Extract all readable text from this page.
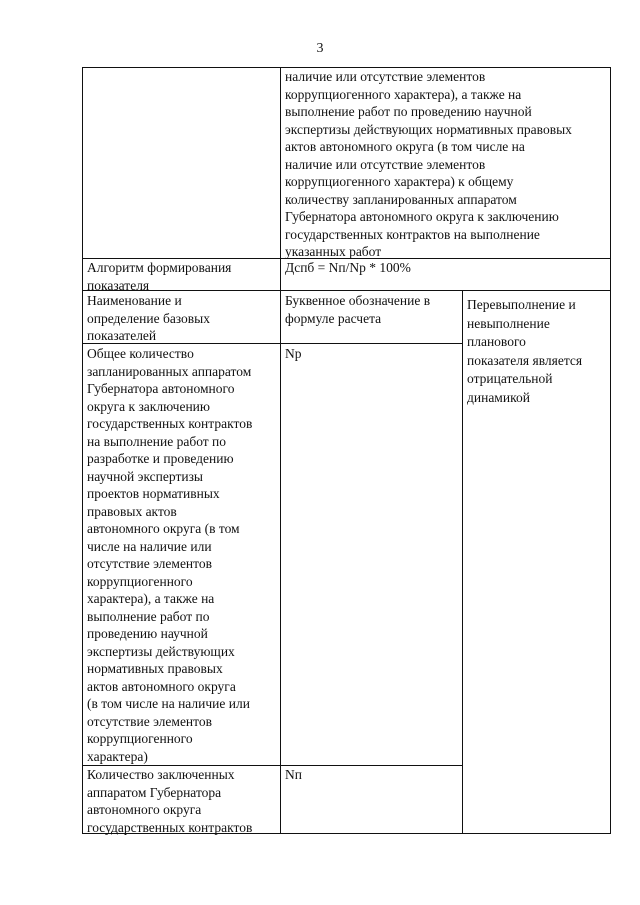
3
наличие или отсутствие элементов
коррупциогенного характера), а также на
выполнение работ по проведению научной
экспертизы действующих нормативных правовых
актов автономного округа (в том числе на
наличие или отсутствие элементов
коррупциогенного характера) к общему
количеству запланированных аппаратом
Губернатора автономного округа к заключению
государственных контрактов на выполнение
указанных работ
Алгоритм формирования
показателя
Дспб = Nп/Nр * 100%
Наименование и
определение базовых
показателей
Буквенное обозначение в
формуле расчета
Перевыполнение и
невыполнение
планового
показателя является
отрицательной
динамикой
Общее количество
запланированных аппаратом
Губернатора автономного
округа к заключению
государственных контрактов
на выполнение работ по
разработке и проведению
научной экспертизы
проектов нормативных
правовых актов
автономного округа (в том
числе на наличие или
отсутствие элементов
коррупциогенного
характера), а также на
выполнение работ по
проведению научной
экспертизы действующих
нормативных правовых
актов автономного округа
(в том числе на наличие или
отсутствие элементов
коррупциогенного
характера)
Nр
Количество заключенных
аппаратом Губернатора
автономного округа
государственных контрактов
Nп
